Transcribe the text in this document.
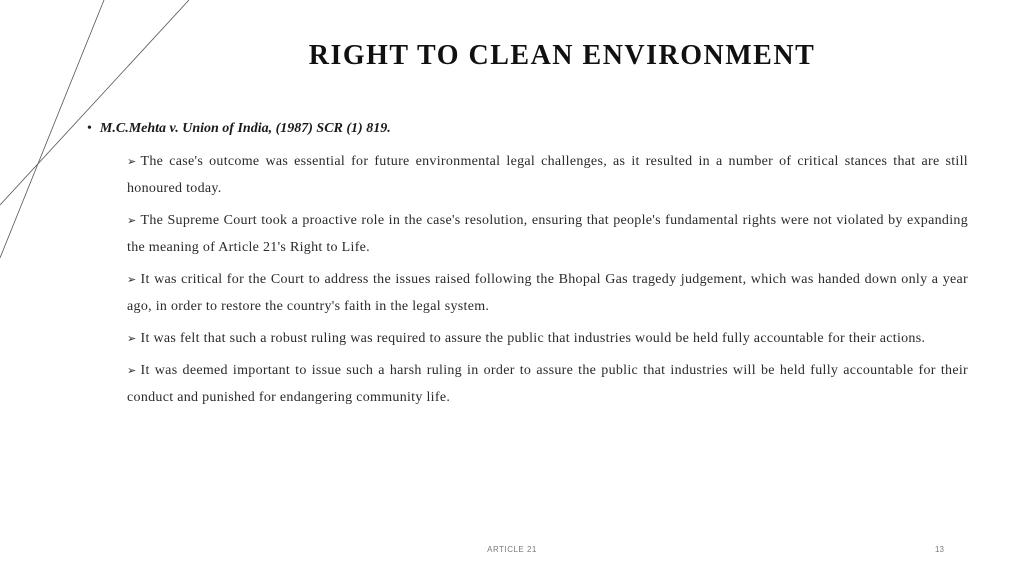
RIGHT TO CLEAN ENVIRONMENT
• M.C.Mehta v. Union of India, (1987) SCR (1) 819.
➢ The case's outcome was essential for future environmental legal challenges, as it resulted in a number of critical stances that are still honoured today.
➢ The Supreme Court took a proactive role in the case's resolution, ensuring that people's fundamental rights were not violated by expanding the meaning of Article 21's Right to Life.
➢ It was critical for the Court to address the issues raised following the Bhopal Gas tragedy judgement, which was handed down only a year ago, in order to restore the country's faith in the legal system.
➢ It was felt that such a robust ruling was required to assure the public that industries would be held fully accountable for their actions.
➢ It was deemed important to issue such a harsh ruling in order to assure the public that industries will be held fully accountable for their conduct and punished for endangering community life.
ARTICLE 21	13
